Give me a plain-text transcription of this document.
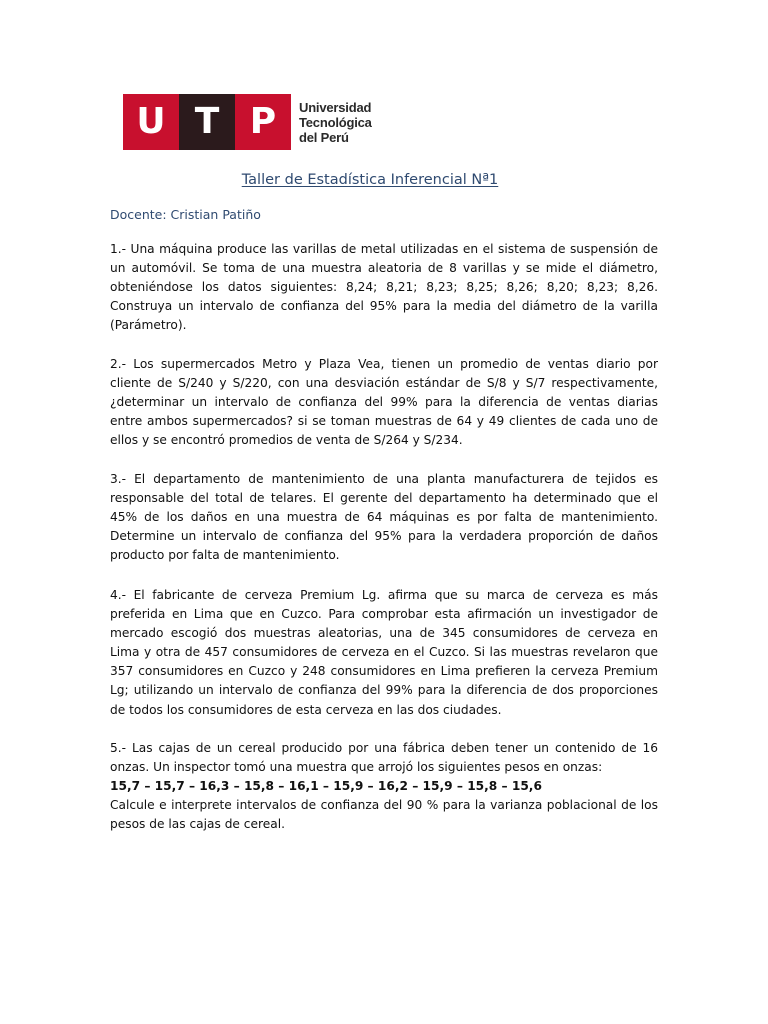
U T P	Universidad
Tecnológica
del Perú
Taller de Estadística Inferencial Nª1
Docente: Cristian Patiño
1.- Una máquina produce las varillas de metal utilizadas en el sistema de suspensión de
un automóvil. Se toma de una muestra aleatoria de 8 varillas y se mide el diámetro,
obteniéndose los datos siguientes: 8,24; 8,21; 8,23; 8,25; 8,26; 8,20; 8,23; 8,26.
Construya un intervalo de confianza del 95% para la media del diámetro de la varilla
(Parámetro).
2.- Los supermercados Metro y Plaza Vea, tienen un promedio de ventas diario por
cliente de S/240 y S/220, con una desviación estándar de S/8 y S/7 respectivamente,
¿determinar un intervalo de confianza del 99% para la diferencia de ventas diarias
entre ambos supermercados? si se toman muestras de 64 y 49 clientes de cada uno de
ellos y se encontró promedios de venta de S/264 y S/234.
3.- El departamento de mantenimiento de una planta manufacturera de tejidos es
responsable del total de telares. El gerente del departamento ha determinado que el
45% de los daños en una muestra de 64 máquinas es por falta de mantenimiento.
Determine un intervalo de confianza del 95% para la verdadera proporción de daños
producto por falta de mantenimiento.
4.- El fabricante de cerveza Premium Lg. afirma que su marca de cerveza es más
preferida en Lima que en Cuzco. Para comprobar esta afirmación un investigador de
mercado escogió dos muestras aleatorias, una de 345 consumidores de cerveza en
Lima y otra de 457 consumidores de cerveza en el Cuzco. Si las muestras revelaron que
357 consumidores en Cuzco y 248 consumidores en Lima prefieren la cerveza Premium
Lg; utilizando un intervalo de confianza del 99% para la diferencia de dos proporciones
de todos los consumidores de esta cerveza en las dos ciudades.
5.- Las cajas de un cereal producido por una fábrica deben tener un contenido de 16
onzas. Un inspector tomó una muestra que arrojó los siguientes pesos en onzas:
15,7 – 15,7 – 16,3 – 15,8 – 16,1 – 15,9 – 16,2 – 15,9 – 15,8 – 15,6
Calcule e interprete intervalos de confianza del 90 % para la varianza poblacional de los
pesos de las cajas de cereal.
